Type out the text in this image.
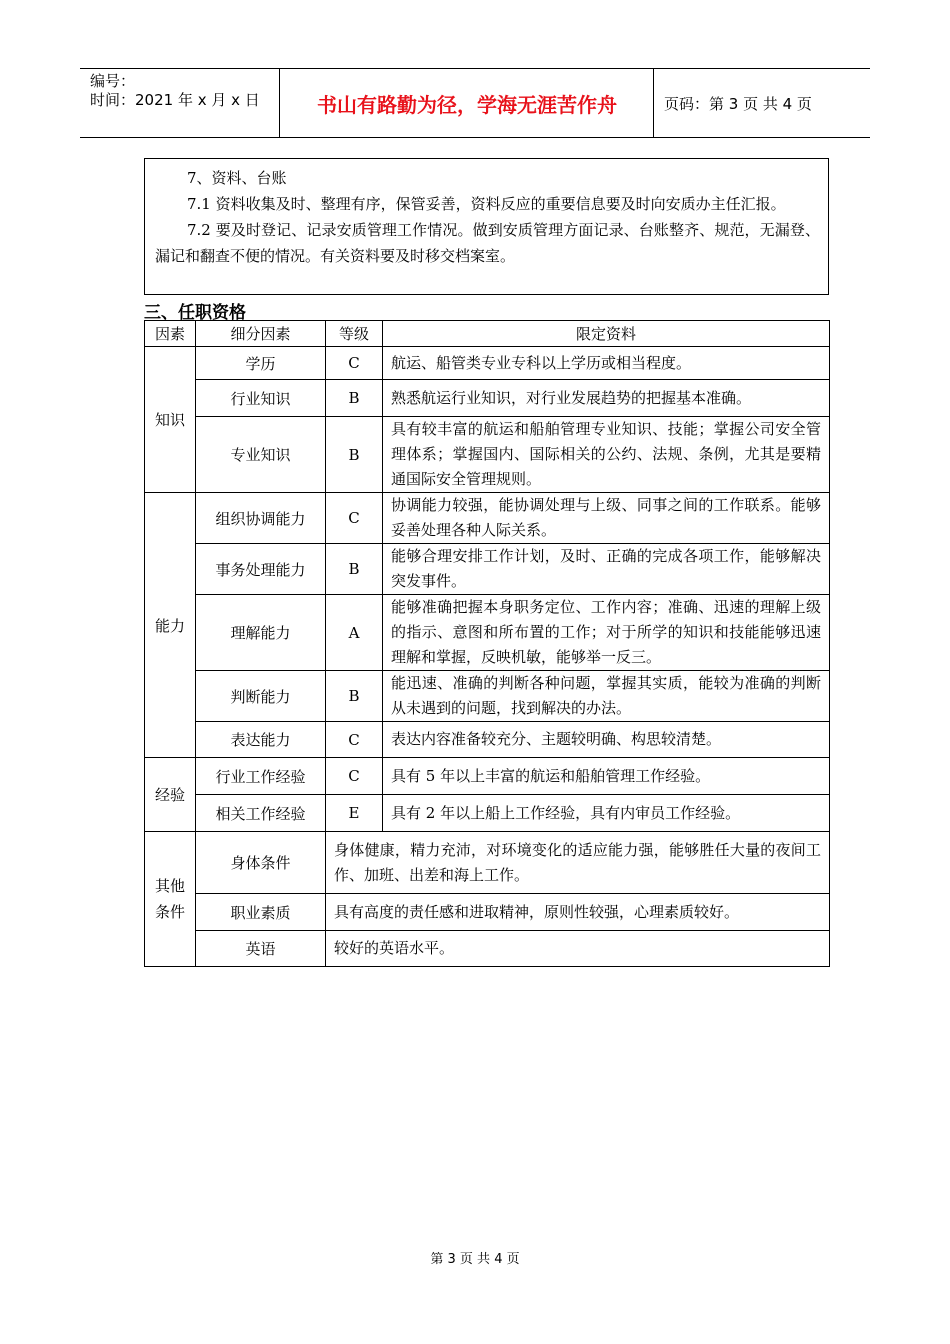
编号：
时间：2021 年 x 月 x 日	书山有路勤为径，学海无涯苦作舟	页码：第 3 页 共 4 页

7、资料、台账

7.1 资料收集及时、整理有序，保管妥善，资料反应的重要信息要及时向安质办主任汇报。

7.2 要及时登记、记录安质管理工作情况。做到安质管理方面记录、台账整齐、规范，无漏登、漏记和翻查不便的情况。有关资料要及时移交档案室。

三、任职资格
因素	细分因素	等级	限定资料
知识	学历	C	航运、船管类专业专科以上学历或相当程度。
	行业知识	B	熟悉航运行业知识，对行业发展趋势的把握基本准确。
	专业知识	B	具有较丰富的航运和船舶管理专业知识、技能；掌握公司安全管理体系；掌握国内、国际相关的公约、法规、条例，尤其是要精通国际安全管理规则。
能力	组织协调能力	C	协调能力较强，能协调处理与上级、同事之间的工作联系。能够妥善处理各种人际关系。
	事务处理能力	B	能够合理安排工作计划，及时、正确的完成各项工作，能够解决突发事件。
	理解能力	A	能够准确把握本身职务定位、工作内容；准确、迅速的理解上级的指示、意图和所布置的工作；对于所学的知识和技能能够迅速理解和掌握，反映机敏，能够举一反三。
	判断能力	B	能迅速、准确的判断各种问题，掌握其实质，能较为准确的判断从未遇到的问题，找到解决的办法。
	表达能力	C	表达内容准备较充分、主题较明确、构思较清楚。
经验	行业工作经验	C	具有 5 年以上丰富的航运和船舶管理工作经验。
	相关工作经验	E	具有 2 年以上船上工作经验，具有内审员工作经验。
其他
条件	身体条件	身体健康，精力充沛，对环境变化的适应能力强，能够胜任大量的夜间工作、加班、出差和海上工作。	
	职业素质	具有高度的责任感和进取精神，原则性较强，心理素质较好。	
	英语	较好的英语水平。	
第 3 页 共 4 页
